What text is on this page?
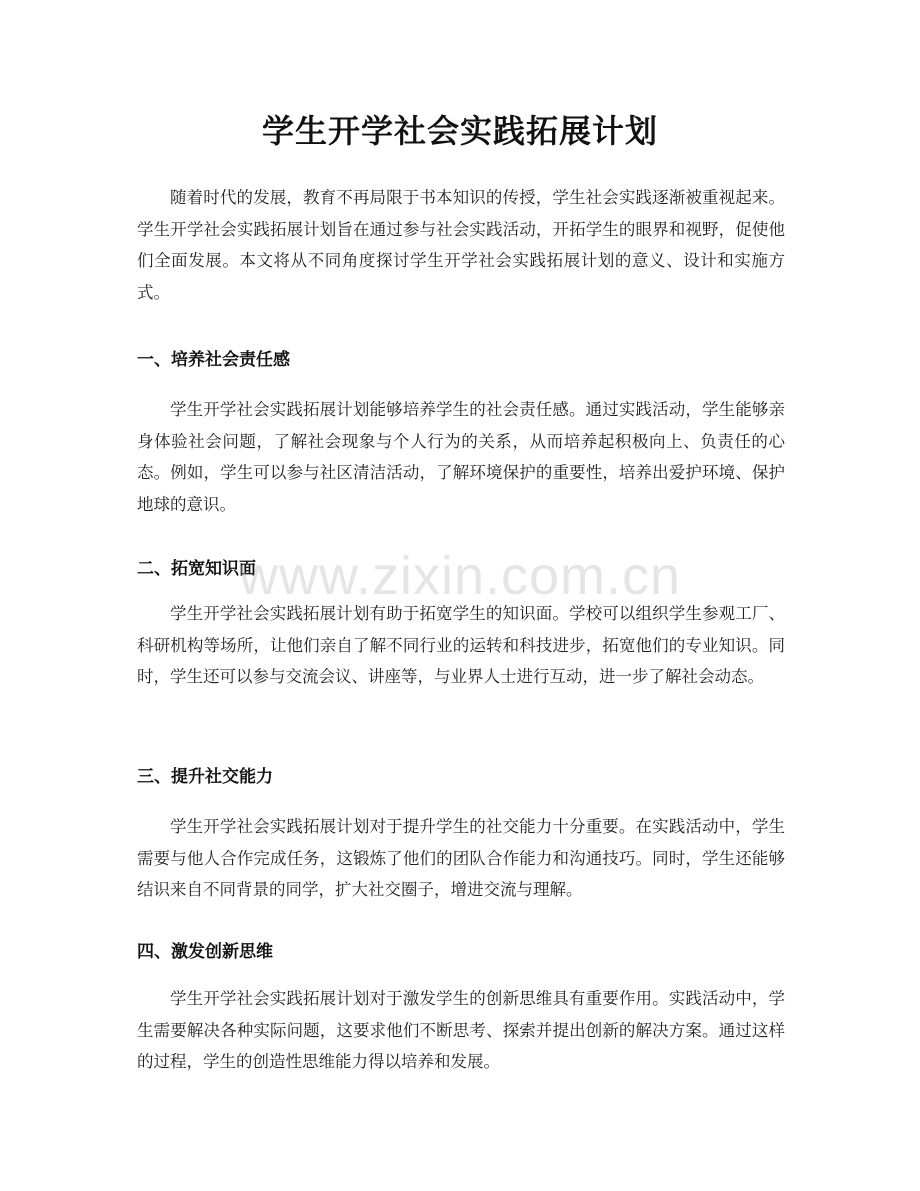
学生开学社会实践拓展计划

随着时代的发展，教育不再局限于书本知识的传授，学生社会实践逐渐被重视起来。学生开学社会实践拓展计划旨在通过参与社会实践活动，开拓学生的眼界和视野，促使他们全面发展。本文将从不同角度探讨学生开学社会实践拓展计划的意义、设计和实施方式。

一、培养社会责任感

学生开学社会实践拓展计划能够培养学生的社会责任感。通过实践活动，学生能够亲身体验社会问题，了解社会现象与个人行为的关系，从而培养起积极向上、负责任的心态。例如，学生可以参与社区清洁活动，了解环境保护的重要性，培养出爱护环境、保护地球的意识。

二、拓宽知识面

学生开学社会实践拓展计划有助于拓宽学生的知识面。学校可以组织学生参观工厂、科研机构等场所，让他们亲自了解不同行业的运转和科技进步，拓宽他们的专业知识。同时，学生还可以参与交流会议、讲座等，与业界人士进行互动，进一步了解社会动态。

三、提升社交能力

学生开学社会实践拓展计划对于提升学生的社交能力十分重要。在实践活动中，学生需要与他人合作完成任务，这锻炼了他们的团队合作能力和沟通技巧。同时，学生还能够结识来自不同背景的同学，扩大社交圈子，增进交流与理解。

四、激发创新思维

学生开学社会实践拓展计划对于激发学生的创新思维具有重要作用。实践活动中，学生需要解决各种实际问题，这要求他们不断思考、探索并提出创新的解决方案。通过这样的过程，学生的创造性思维能力得以培养和发展。

www.zixin.com.cn
